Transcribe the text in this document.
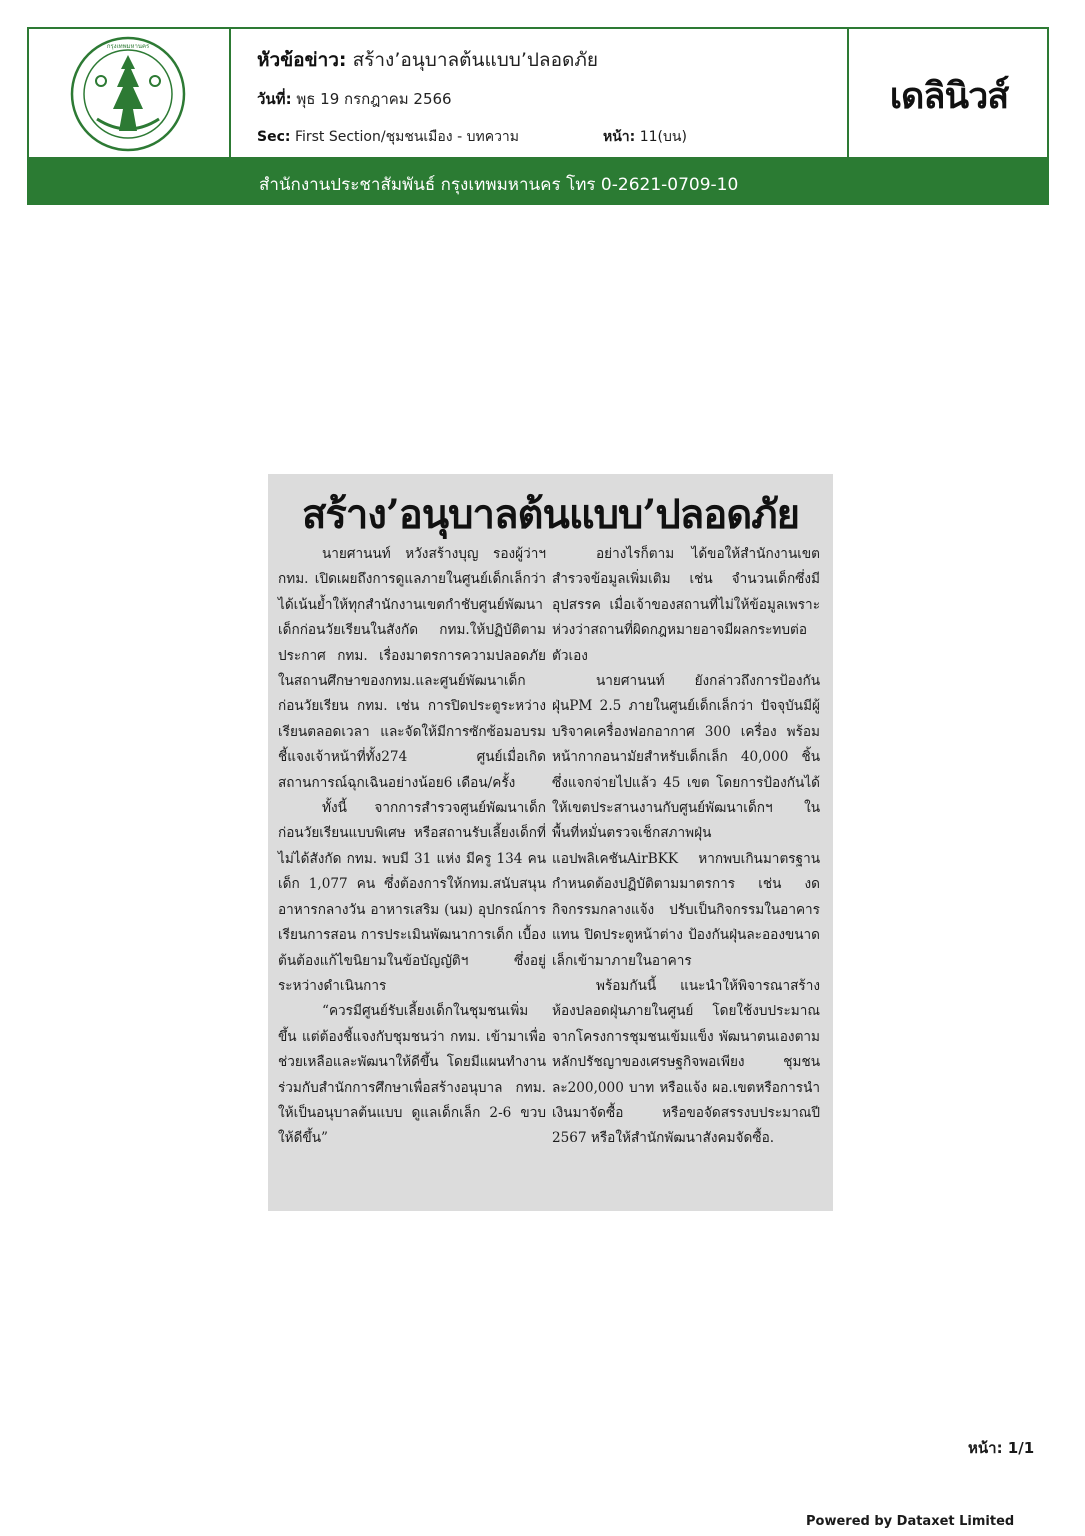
กรุงเทพมหานคร
หัวข้อข่าว: สร้าง’อนุบาลต้นแบบ’ปลอดภัย
วันที่: พุธ 19 กรกฎาคม 2566
Sec: First Section/ชุมชนเมือง - บทความ	หน้า: 11(บน)
เดลินิวส์
สำนักงานประชาสัมพันธ์ กรุงเทพมหานคร โทร 0-2621-0709-10
สร้าง’อนุบาลต้นแบบ’ปลอดภัย

นายศานนท์ หวังสร้างบุญ รองผู้ว่าฯ กทม. เปิดเผยถึงการดูแลภายในศูนย์เด็กเล็กว่า ได้เน้นย้ำให้ทุกสำนักงานเขตกำชับศูนย์พัฒนาเด็กก่อนวัยเรียนในสังกัด กทม.ให้ปฏิบัติตามประกาศ กทม. เรื่องมาตรการความปลอดภัยในสถานศึกษาของกทม.และศูนย์พัฒนาเด็กก่อนวัยเรียน กทม. เช่น การปิดประตูระหว่างเรียนตลอดเวลา และจัดให้มีการซักซ้อมอบรม ชี้แจงเจ้าหน้าที่ทั้ง274 ศูนย์เมื่อเกิดสถานการณ์ฉุกเฉินอย่างน้อย6 เดือน/ครั้ง

ทั้งนี้ จากการสำรวจศูนย์พัฒนาเด็กก่อนวัยเรียนแบบพิเศษ หรือสถานรับเลี้ยงเด็กที่ไม่ได้สังกัด กทม. พบมี 31 แห่ง มีครู 134 คน เด็ก 1,077 คน ซึ่งต้องการให้กทม.สนับสนุนอาหารกลางวัน อาหารเสริม (นม) อุปกรณ์การเรียนการสอน การประเมินพัฒนาการเด็ก เบื้องต้นต้องแก้ไขนิยามในข้อบัญญัติฯ ซึ่งอยู่ระหว่างดำเนินการ

“ควรมีศูนย์รับเลี้ยงเด็กในชุมชนเพิ่มขึ้น แต่ต้องชี้แจงกับชุมชนว่า กทม. เข้ามาเพื่อช่วยเหลือและพัฒนาให้ดีขึ้น โดยมีแผนทำงานร่วมกับสำนักการศึกษาเพื่อสร้างอนุบาล กทม. ให้เป็นอนุบาลต้นแบบ ดูแลเด็กเล็ก 2-6 ขวบให้ดีขึ้น”

อย่างไรก็ตาม ได้ขอให้สำนักงานเขตสำรวจข้อมูลเพิ่มเติม เช่น จำนวนเด็กซึ่งมีอุปสรรค เมื่อเจ้าของสถานที่ไม่ให้ข้อมูลเพราะห่วงว่าสถานที่ผิดกฎหมายอาจมีผลกระทบต่อตัวเอง

นายศานนท์ ยังกล่าวถึงการป้องกันฝุ่นPM 2.5 ภายในศูนย์เด็กเล็กว่า ปัจจุบันมีผู้บริจาคเครื่องฟอกอากาศ 300 เครื่อง พร้อมหน้ากากอนามัยสำหรับเด็กเล็ก 40,000 ชิ้น ซึ่งแจกจ่ายไปแล้ว 45 เขต โดยการป้องกันได้ให้เขตประสานงานกับศูนย์พัฒนาเด็กฯ ในพื้นที่หมั่นตรวจเช็กสภาพฝุ่นแอปพลิเคชันAirBKK หากพบเกินมาตรฐานกำหนดต้องปฏิบัติตามมาตรการ เช่น งดกิจกรรมกลางแจ้ง ปรับเป็นกิจกรรมในอาคารแทน ปิดประตูหน้าต่าง ป้องกันฝุ่นละอองขนาดเล็กเข้ามาภายในอาคาร

พร้อมกันนี้ แนะนำให้พิจารณาสร้างห้องปลอดฝุ่นภายในศูนย์ โดยใช้งบประมาณจากโครงการชุมชนเข้มแข็ง พัฒนาตนเองตามหลักปรัชญาของเศรษฐกิจพอเพียง ชุมชนละ200,000 บาท หรือแจ้ง ผอ.เขตหรือการนำเงินมาจัดซื้อ หรือขอจัดสรรงบประมาณปี 2567 หรือให้สำนักพัฒนาสังคมจัดซื้อ.

หน้า: 1/1
Powered by Dataxet Limited
